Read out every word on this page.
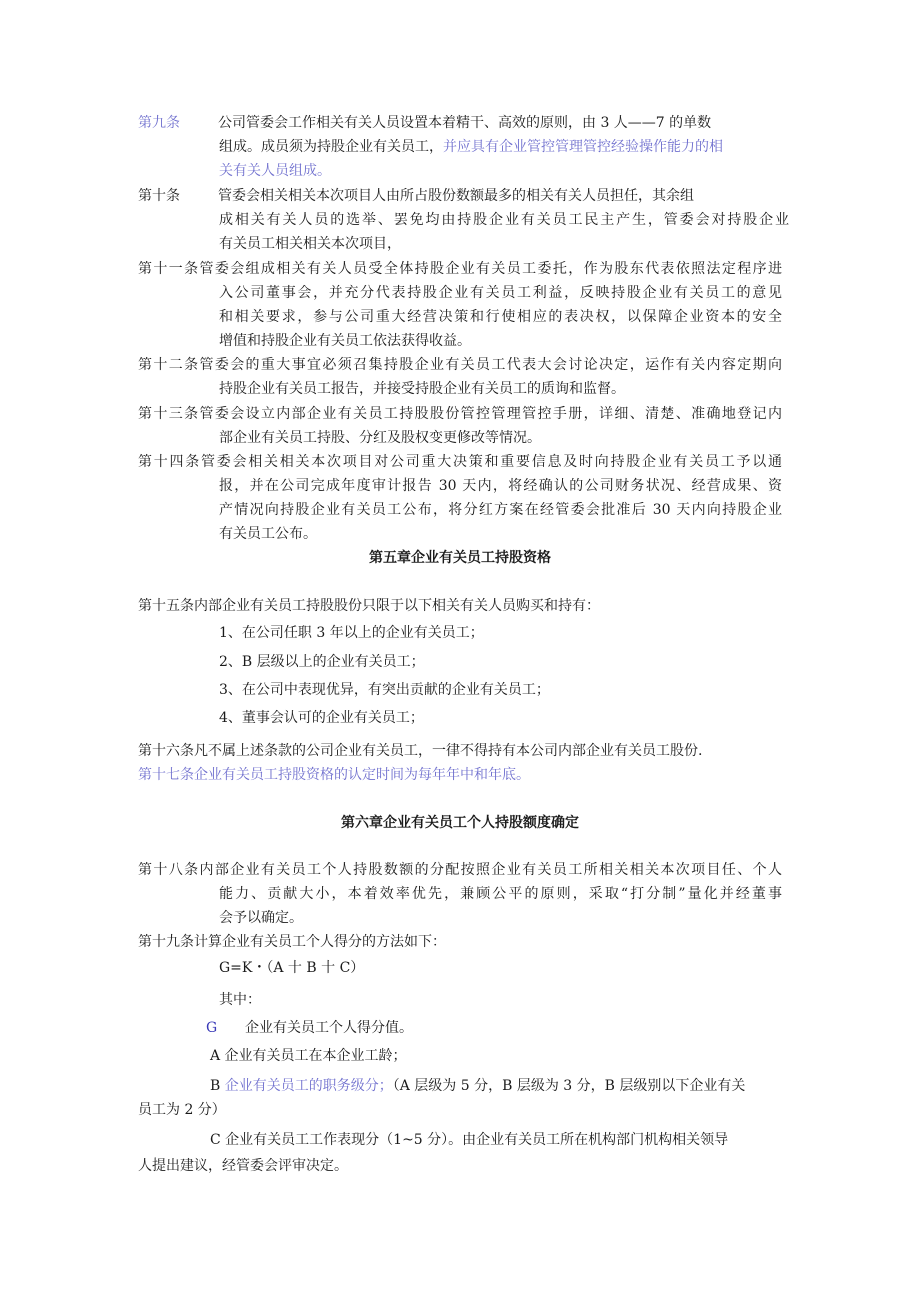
第九条	公司管委会工作相关有关人员设置本着精干、高效的原则，由 3 人——7 的单数
组成。成员须为持股企业有关员工，并应具有企业管控管理管控经验操作能力的相
关有关人员组成。
第十条	管委会相关相关本次项目人由所占股份数额最多的相关有关人员担任，其余组
成相关有关人员的选举、罢免均由持股企业有关员工民主产生，管委会对持股企业
有关员工相关相关本次项目，
第十一条管委会组成相关有关人员受全体持股企业有关员工委托，作为股东代表依照法定程序进
入公司董事会，并充分代表持股企业有关员工利益，反映持股企业有关员工的意见
和相关要求，参与公司重大经营决策和行使相应的表决权，以保障企业资本的安全
增值和持股企业有关员工依法获得收益。
第十二条管委会的重大事宜必须召集持股企业有关员工代表大会讨论决定，运作有关内容定期向
持股企业有关员工报告，并接受持股企业有关员工的质询和监督。
第十三条管委会设立内部企业有关员工持股股份管控管理管控手册，详细、清楚、准确地登记内
部企业有关员工持股、分红及股权变更修改等情况。
第十四条管委会相关相关本次项目对公司重大决策和重要信息及时向持股企业有关员工予以通
报，并在公司完成年度审计报告 30 天内，将经确认的公司财务状况、经营成果、资
产情况向持股企业有关员工公布，将分红方案在经管委会批准后 30 天内向持股企业
有关员工公布。
第五章企业有关员工持股资格
第十五条内部企业有关员工持股股份只限于以下相关有关人员购买和持有：
1、在公司任职 3 年以上的企业有关员工；
2、B 层级以上的企业有关员工；
3、在公司中表现优异，有突出贡献的企业有关员工；
4、董事会认可的企业有关员工；
第十六条凡不属上述条款的公司企业有关员工，一律不得持有本公司内部企业有关员工股份.
第十七条企业有关员工持股资格的认定时间为每年年中和年底。
第六章企业有关员工个人持股额度确定
第十八条内部企业有关员工个人持股数额的分配按照企业有关员工所相关相关本次项目任、个人
能力、贡献大小，本着效率优先，兼顾公平的原则，采取“打分制”量化并经董事
会予以确定。
第十九条计算企业有关员工个人得分的方法如下：
G=K・（A 十 B 十 C）
其中：
G 企业有关员工个人得分值。
A 企业有关员工在本企业工龄；
B 企业有关员工的职务级分；（A 层级为 5 分，B 层级为 3 分，B 层级别以下企业有关
员工为 2 分）
C 企业有关员工工作表现分（1~5 分）。由企业有关员工所在机构部门机构相关领导
人提出建议，经管委会评审决定。
